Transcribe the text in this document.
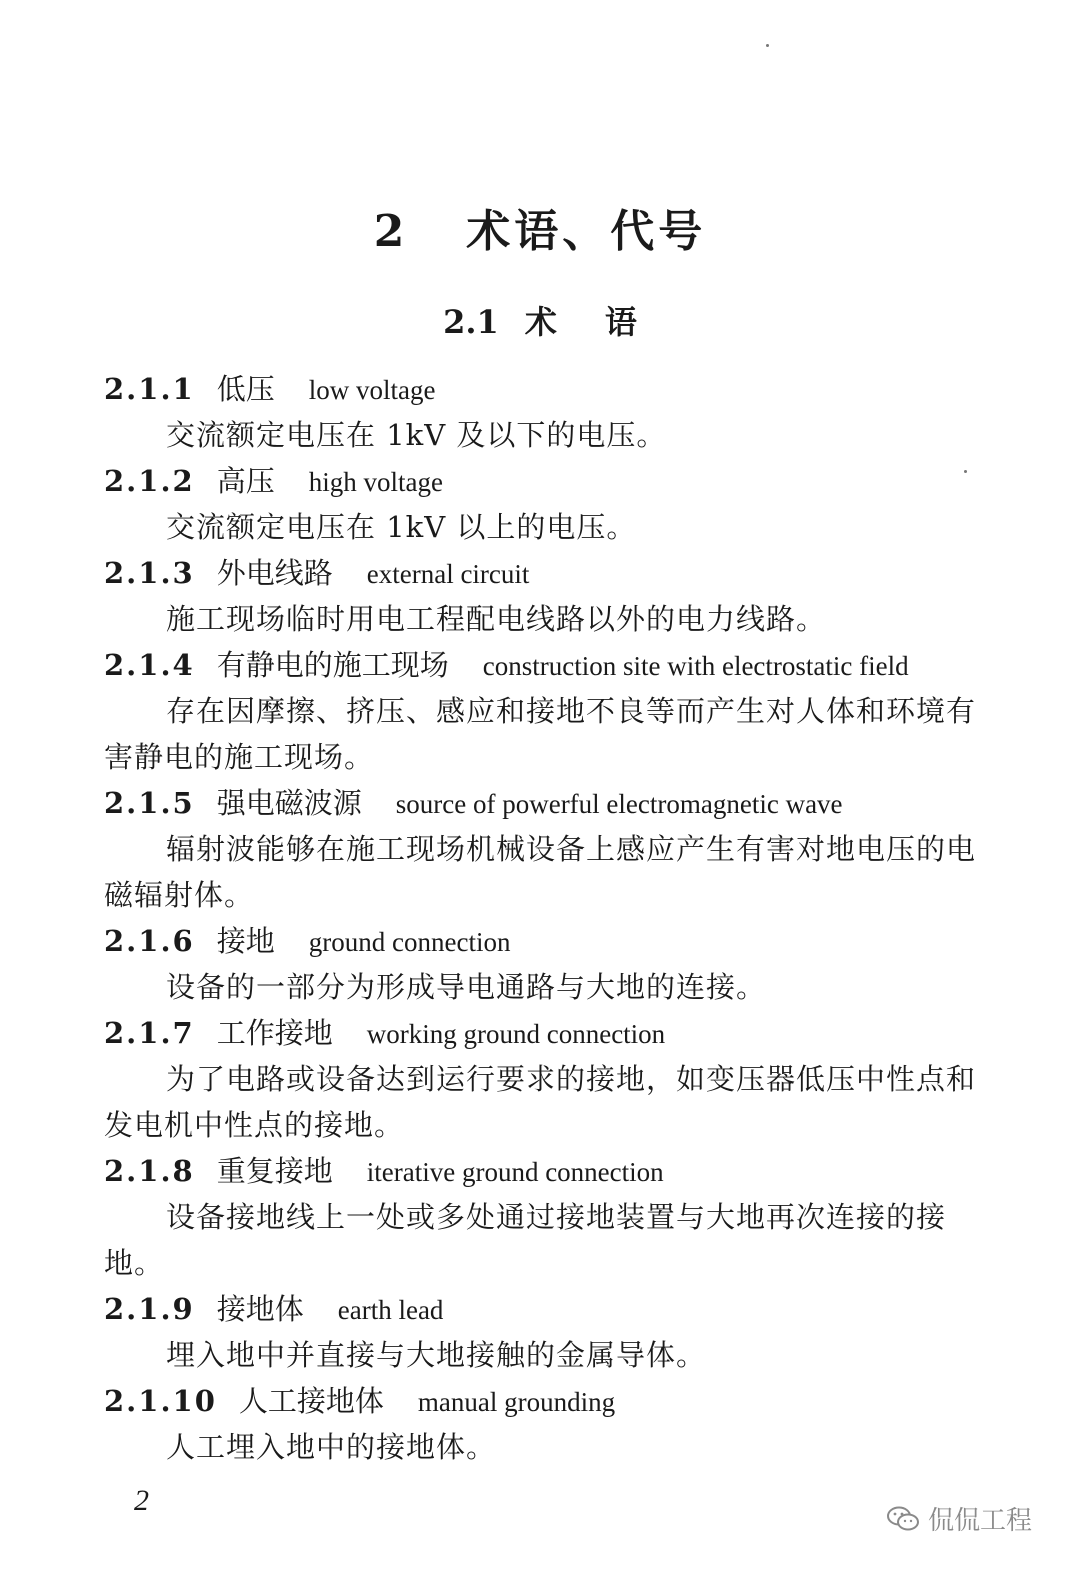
2 术语、代号
2.1 术 语
2.1.1 低压 low voltage

交流额定电压在 1kV 及以下的电压。

2.1.2 高压 high voltage

交流额定电压在 1kV 以上的电压。

2.1.3 外电线路 external circuit

施工现场临时用电工程配电线路以外的电力线路。

2.1.4 有静电的施工现场 construction site with electrostatic field

存在因摩擦、挤压、感应和接地不良等而产生对人体和环境有害静电的施工现场。

2.1.5 强电磁波源 source of powerful electromagnetic wave

辐射波能够在施工现场机械设备上感应产生有害对地电压的电磁辐射体。

2.1.6 接地 ground connection

设备的一部分为形成导电通路与大地的连接。

2.1.7 工作接地 working ground connection

为了电路或设备达到运行要求的接地，如变压器低压中性点和发电机中性点的接地。

2.1.8 重复接地 iterative ground connection

设备接地线上一处或多处通过接地装置与大地再次连接的接地。

2.1.9 接地体 earth lead

埋入地中并直接与大地接触的金属导体。

2.1.10 人工接地体 manual grounding

人工埋入地中的接地体。

2
侃侃工程
